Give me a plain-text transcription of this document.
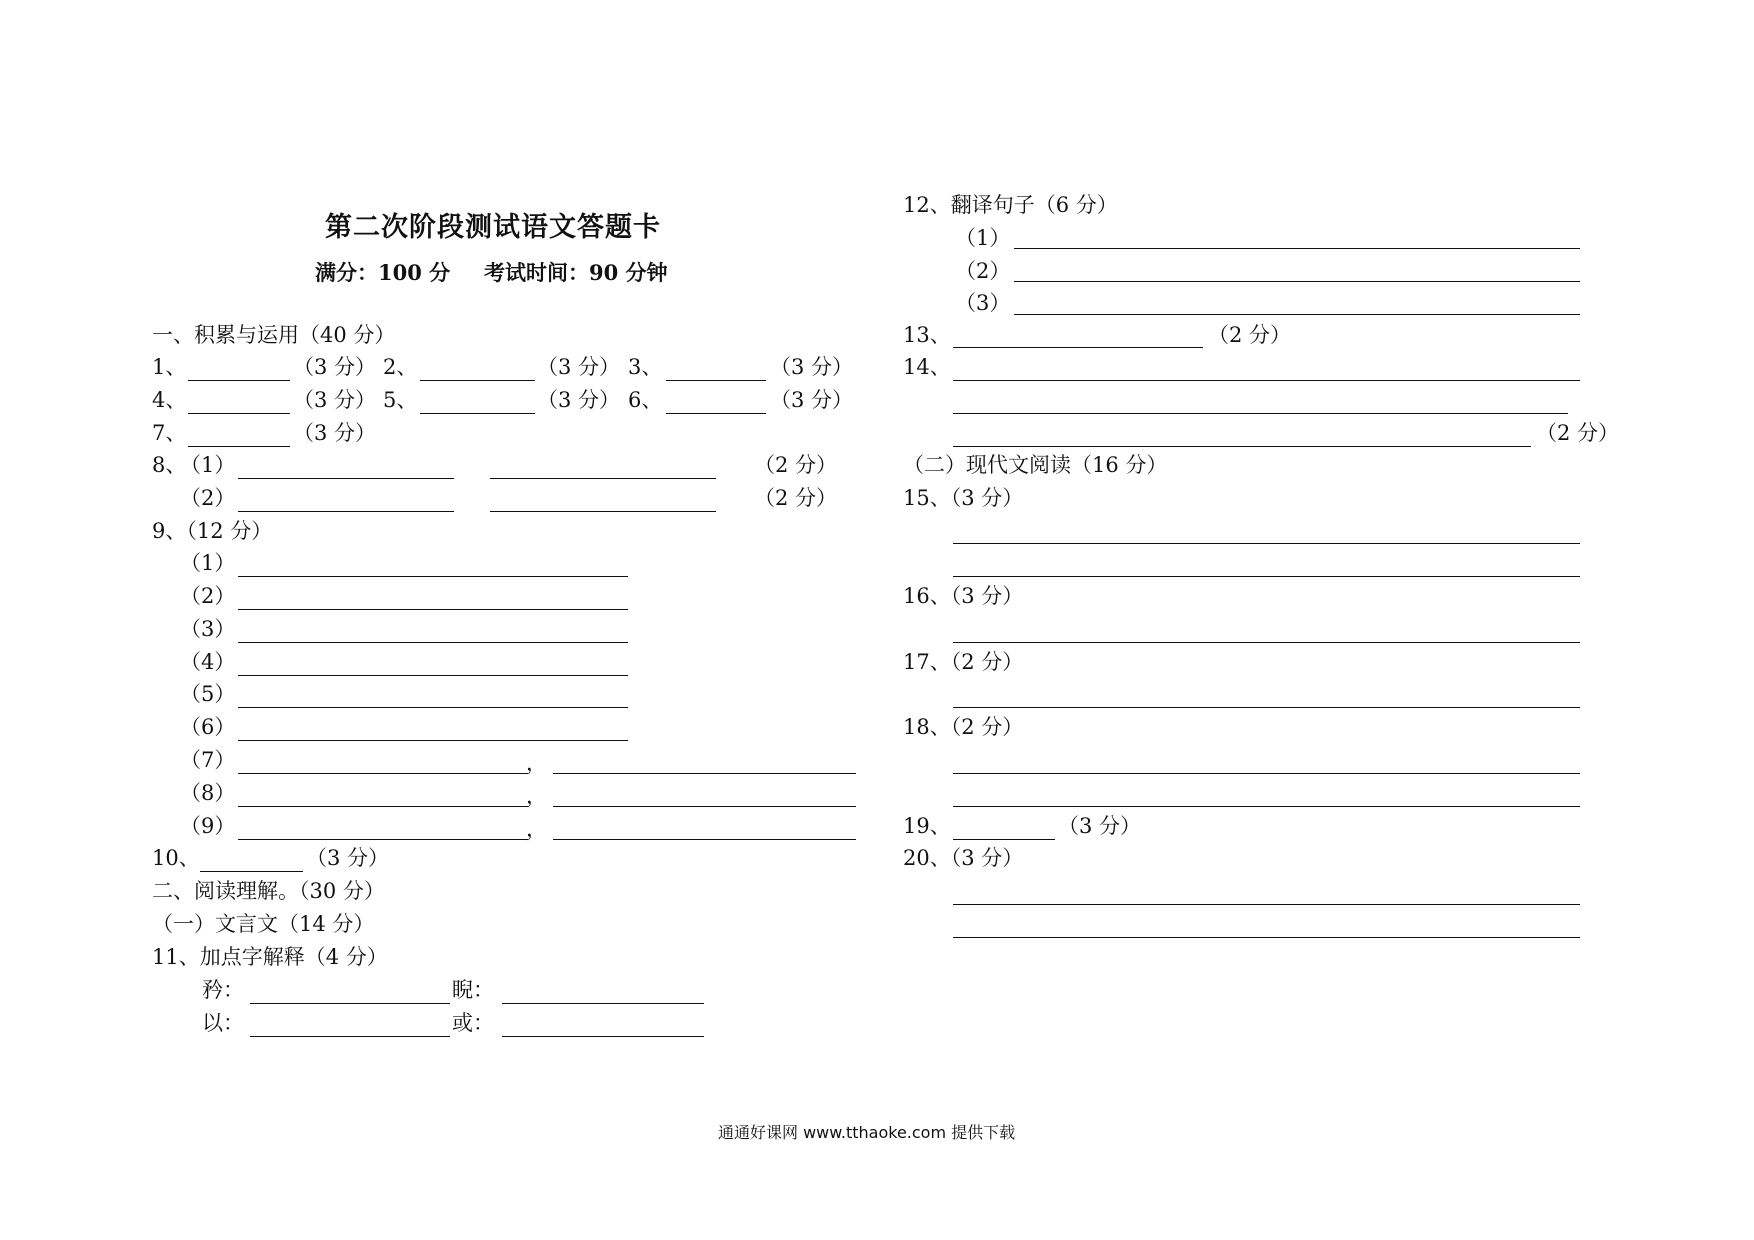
第二次阶段测试语文答题卡
满分：100 分 考试时间：90 分钟
一、积累与运用（40 分）
1、	（3 分） 2、	（3 分） 3、	（3 分）
4、	（3 分） 5、	（3 分） 6、	（3 分）
7、	（3 分）
8、
（1）	（2 分）
（2）	（2 分）
9、（12 分）
（1）
（2）
（3）
（4）
（5）
（6）
（7）	，
（8）	，
（9）	，
10、	（3 分）
二、阅读理解。（30 分）
（一）文言文（14 分）
11、加点字解释（4 分）
矜：	睨：
以：	或：
12、翻译句子（6 分）
（1）
（2）
（3）
13、	（2 分）
14、
（2 分）
（二）现代文阅读（16 分）
15、（3 分）
16、（3 分）
17、（2 分）
18、（2 分）
19、	（3 分）
20、（3 分）
通通好课网 www.tthaoke.com 提供下载
